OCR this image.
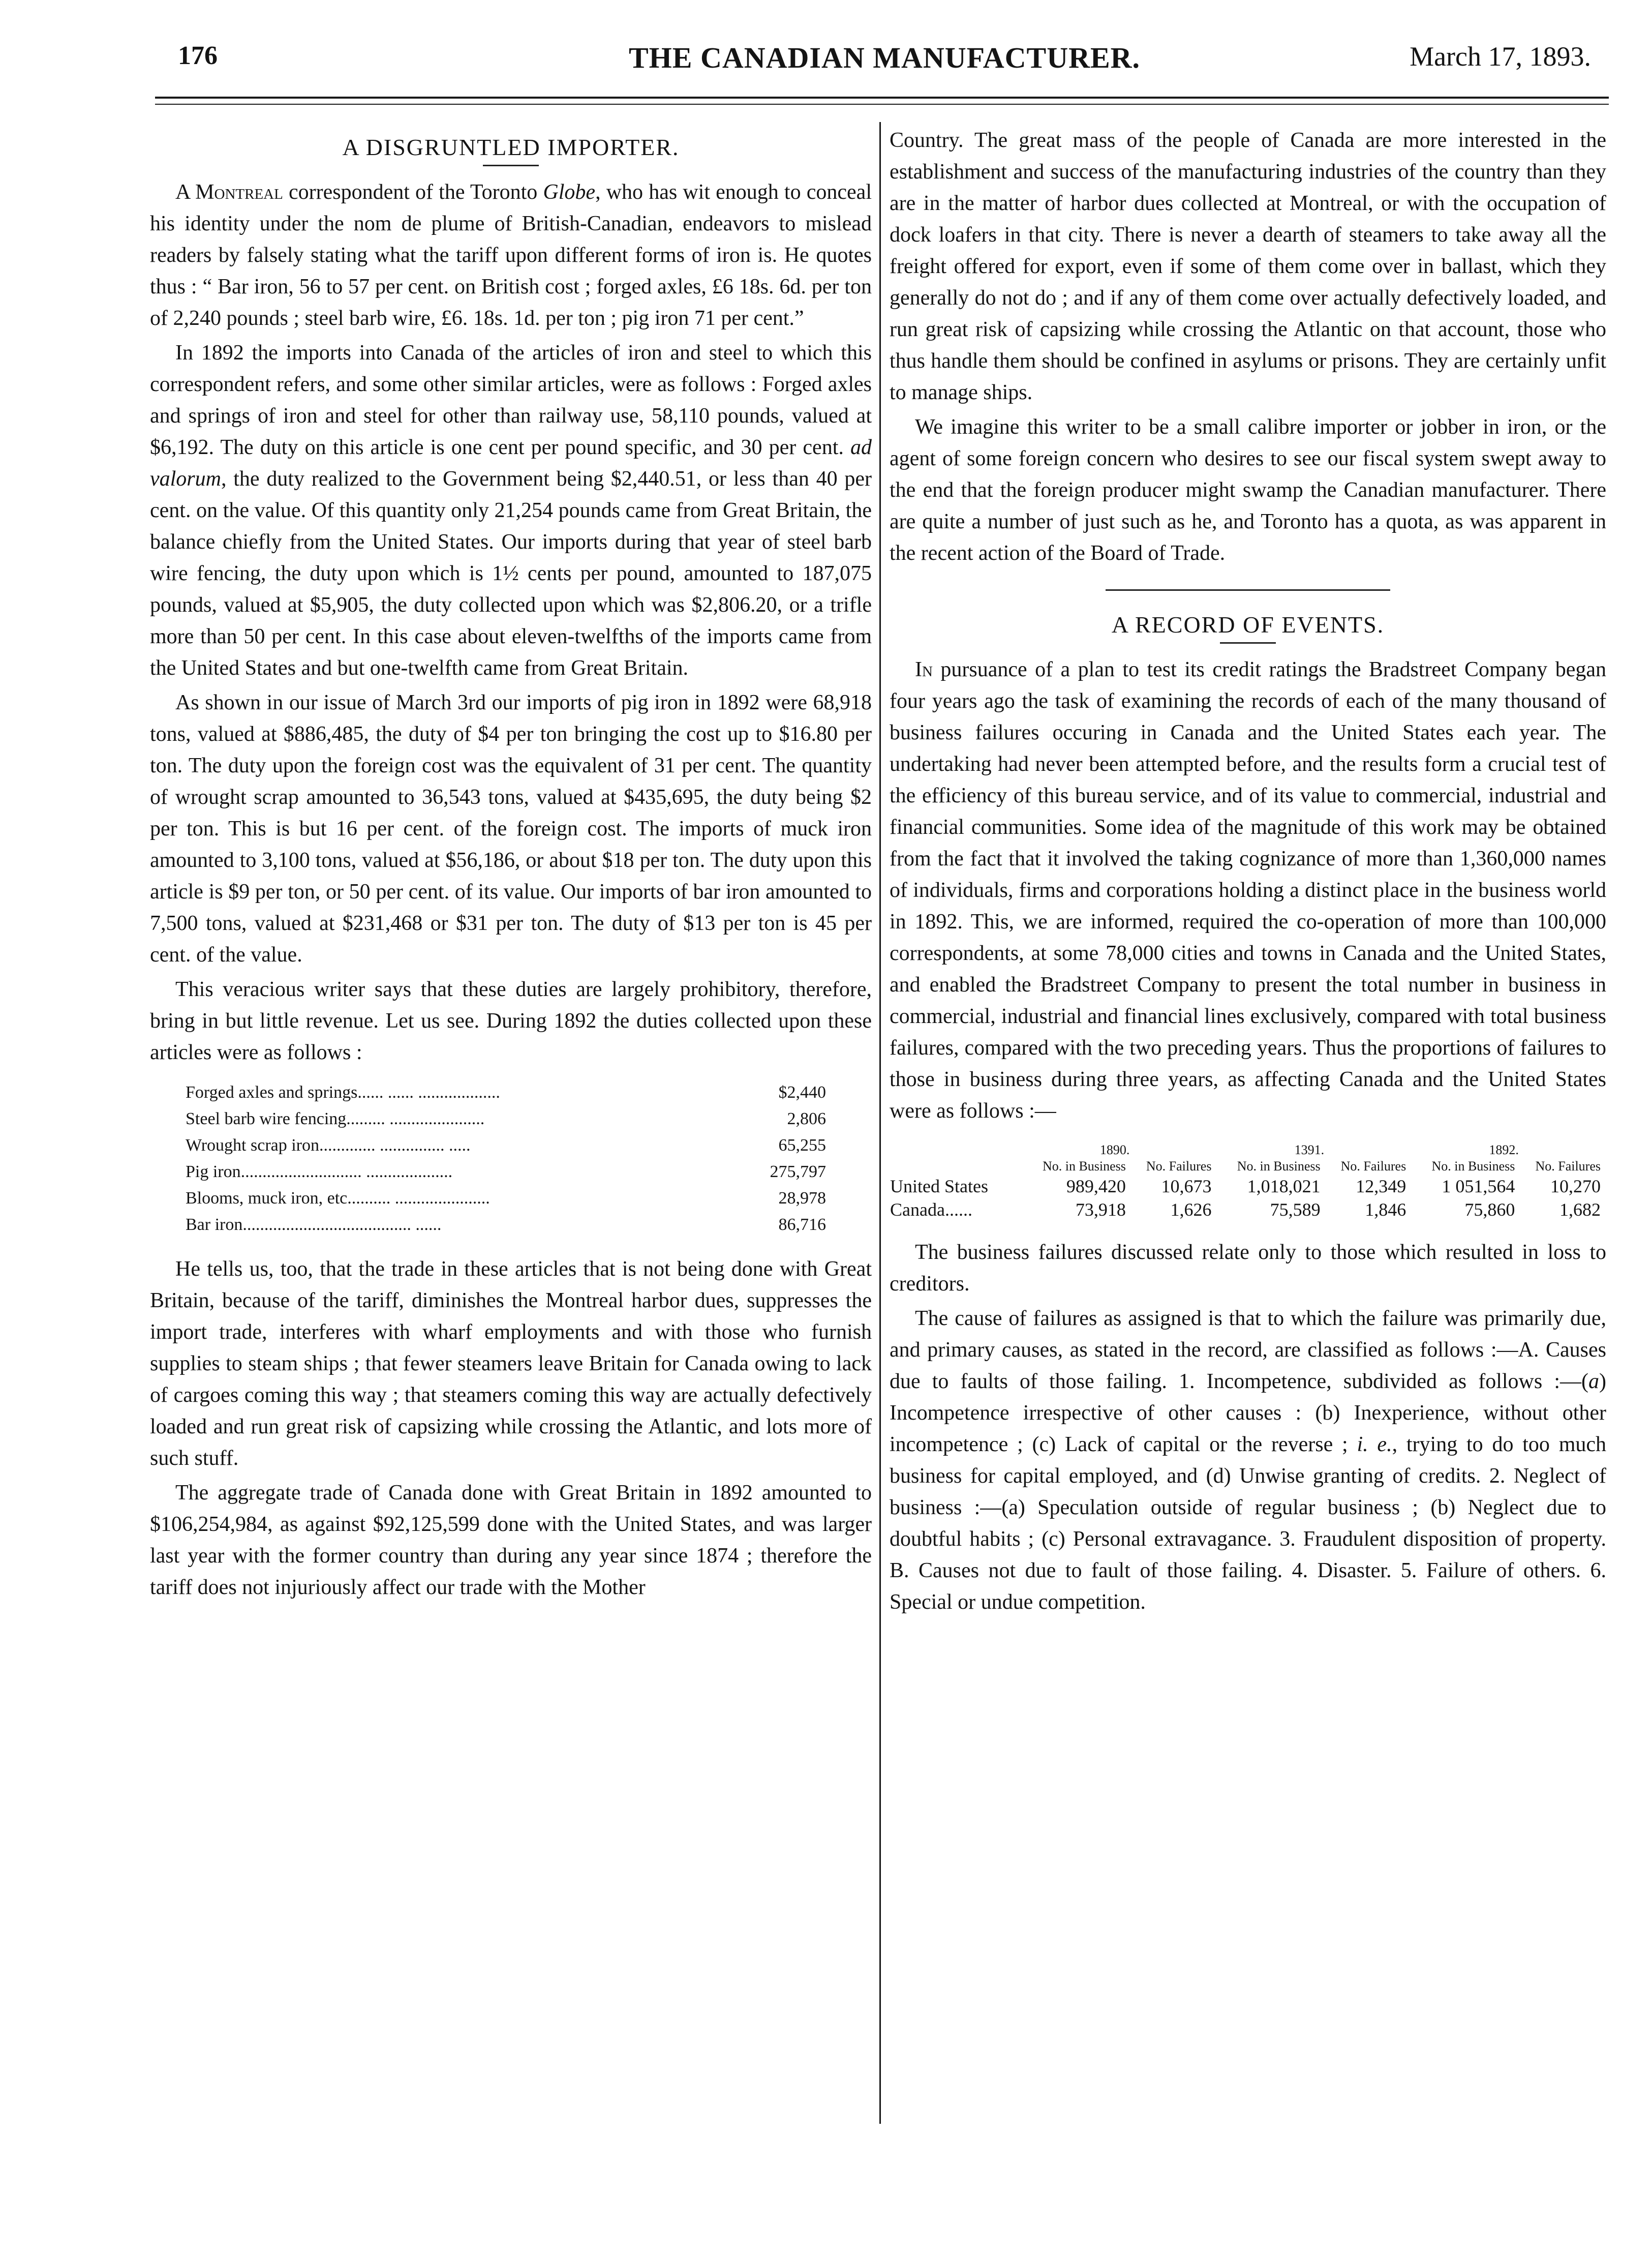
176	THE CANADIAN MANUFACTURER.	March 17, 1893.
A DISGRUNTLED IMPORTER.

A Montreal correspondent of the Toronto Globe, who has wit enough to conceal his identity under the nom de plume of British-Canadian, endeavors to mislead readers by falsely stating what the tariff upon different forms of iron is. He quotes thus : “ Bar iron, 56 to 57 per cent. on British cost ; forged axles, £6 18s. 6d. per ton of 2,240 pounds ; steel barb wire, £6. 18s. 1d. per ton ; pig iron 71 per cent.”

In 1892 the imports into Canada of the articles of iron and steel to which this correspondent refers, and some other similar articles, were as follows : Forged axles and springs of iron and steel for other than railway use, 58,110 pounds, valued at $6,192. The duty on this article is one cent per pound specific, and 30 per cent. ad valorum, the duty realized to the Government being $2,440.51, or less than 40 per cent. on the value. Of this quantity only 21,254 pounds came from Great Britain, the balance chiefly from the United States. Our imports during that year of steel barb wire fencing, the duty upon which is 1½ cents per pound, amounted to 187,075 pounds, valued at $5,905, the duty collected upon which was $2,806.20, or a trifle more than 50 per cent. In this case about eleven-twelfths of the imports came from the United States and but one-twelfth came from Great Britain.

As shown in our issue of March 3rd our imports of pig iron in 1892 were 68,918 tons, valued at $886,485, the duty of $4 per ton bringing the cost up to $16.80 per ton. The duty upon the foreign cost was the equivalent of 31 per cent. The quantity of wrought scrap amounted to 36,543 tons, valued at $435,695, the duty being $2 per ton. This is but 16 per cent. of the foreign cost. The imports of muck iron amounted to 3,100 tons, valued at $56,186, or about $18 per ton. The duty upon this article is $9 per ton, or 50 per cent. of its value. Our imports of bar iron amounted to 7,500 tons, valued at $231,468 or $31 per ton. The duty of $13 per ton is 45 per cent. of the value.

This veracious writer says that these duties are largely prohibitory, therefore, bring in but little revenue. Let us see. During 1892 the duties collected upon these articles were as follows :

Forged axles and springs...... ...... ...................	$2,440
Steel barb wire fencing......... ......................	2,806
Wrought scrap iron............. ............... .....	65,255
Pig iron............................ ....................	275,797
Blooms, muck iron, etc.......... ......................	28,978
Bar iron....................................... ......	86,716

He tells us, too, that the trade in these articles that is not being done with Great Britain, because of the tariff, diminishes the Montreal harbor dues, suppresses the import trade, interferes with wharf employments and with those who furnish supplies to steam ships ; that fewer steamers leave Britain for Canada owing to lack of cargoes coming this way ; that steamers coming this way are actually defectively loaded and run great risk of capsizing while crossing the Atlantic, and lots more of such stuff.

The aggregate trade of Canada done with Great Britain in 1892 amounted to $106,254,984, as against $92,125,599 done with the United States, and was larger last year with the former country than during any year since 1874 ; therefore the tariff does not injuriously affect our trade with the Mother

Country. The great mass of the people of Canada are more interested in the establishment and success of the manufacturing industries of the country than they are in the matter of harbor dues collected at Montreal, or with the occupation of dock loafers in that city. There is never a dearth of steamers to take away all the freight offered for export, even if some of them come over in ballast, which they generally do not do ; and if any of them come over actually defectively loaded, and run great risk of capsizing while crossing the Atlantic on that account, those who thus handle them should be confined in asylums or prisons. They are certainly unfit to manage ships.

We imagine this writer to be a small calibre importer or jobber in iron, or the agent of some foreign concern who desires to see our fiscal system swept away to the end that the foreign producer might swamp the Canadian manufacturer. There are quite a number of just such as he, and Toronto has a quota, as was apparent in the recent action of the Board of Trade.

A RECORD OF EVENTS.

In pursuance of a plan to test its credit ratings the Bradstreet Company began four years ago the task of examining the records of each of the many thousand of business failures occuring in Canada and the United States each year. The undertaking had never been attempted before, and the results form a crucial test of the efficiency of this bureau service, and of its value to commercial, industrial and financial communities. Some idea of the magnitude of this work may be obtained from the fact that it involved the taking cognizance of more than 1,360,000 names of individuals, firms and corporations holding a distinct place in the business world in 1892. This, we are informed, required the co-operation of more than 100,000 correspondents, at some 78,000 cities and towns in Canada and the United States, and enabled the Bradstreet Company to present the total number in business in commercial, industrial and financial lines exclusively, compared with total business failures, compared with the two preceding years. Thus the proportions of failures to those in business during three years, as affecting Canada and the United States were as follows :—

	1890.		1391.		1892.	
	No. in Business	No. Failures	No. in Business	No. Failures	No. in Business	No. Failures
United States	989,420	10,673	1,018,021	12,349	1 051,564	10,270
Canada......	73,918	1,626	75,589	1,846	75,860	1,682

The business failures discussed relate only to those which resulted in loss to creditors.

The cause of failures as assigned is that to which the failure was primarily due, and primary causes, as stated in the record, are classified as follows :—A. Causes due to faults of those failing. 1. Incompetence, subdivided as follows :—(a) Incompetence irrespective of other causes : (b) Inexperience, without other incompetence ; (c) Lack of capital or the reverse ; i. e., trying to do too much business for capital employed, and (d) Unwise granting of credits. 2. Neglect of business :—(a) Speculation outside of regular business ; (b) Neglect due to doubtful habits ; (c) Personal extravagance. 3. Fraudulent disposition of property. B. Causes not due to fault of those failing. 4. Disaster. 5. Failure of others. 6. Special or undue competition.
